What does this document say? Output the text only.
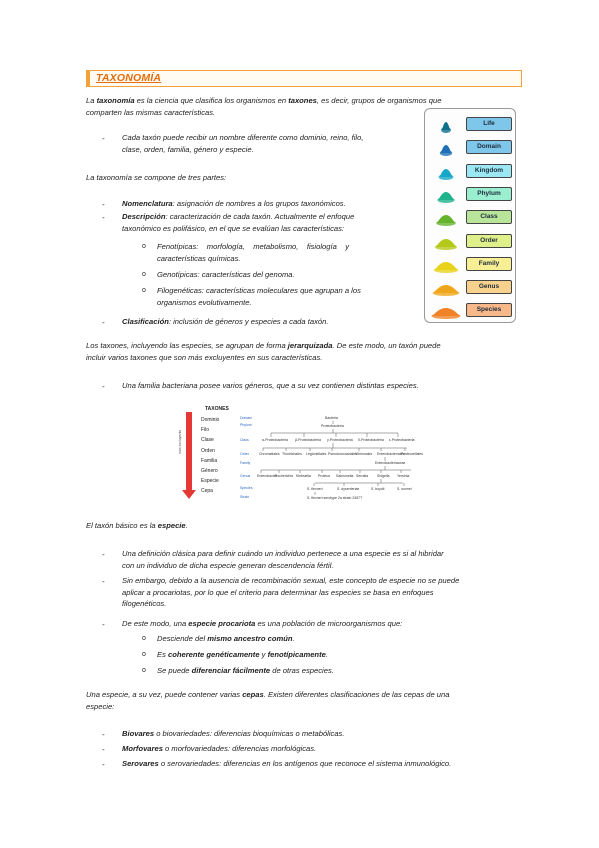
TAXONOMÍA
La taxonomía es la ciencia que clasifica los organismos en taxones, es decir, grupos de organismos que
comparten las mismas características.
- Cada taxón puede recibir un nombre diferente como dominio, reino, filo,
clase, orden, familia, género y especie.
La taxonomía se compone de tres partes:
- Nomenclatura: asignación de nombres a los grupos taxonómicos.
- Descripción: caracterización de cada taxón. Actualmente el enfoque
taxonómico es polifásico, en el que se evalúan las características:
o Fenotípicas:    morfología,    metabolismo,    fisiología    y
características químicas.
o Genotípicas: características del genoma.
o Filogenéticas: características moleculares que agrupan a los
organismos evolutivamente.
- Clasificación: inclusión de géneros y especies a cada taxón.
Life
Domain
Kingdom
Phylum
Class
Order
Family
Genus
Species
Los taxones, incluyendo las especies, se agrupan de forma jerarquizada. De este modo, un taxón puede
incluir varios taxones que son más excluyentes en sus características.
- Una familia bacteriana posee varios géneros, que a su vez contienen distintas especies.
TAXONES
más excluyente
Dominio
Filo
Clase
Orden
Familia
Género
Especie
Cepa
Domain
Phylum
Class
Order
Family
Genus
Species
Strain
Bacteria
Proteobacteria
α-Proteobacteria β-Proteobacteria γ-Proteobacteria δ-Proteobacteria ε-Proteobacteria
Chromatiales Thiotrichales Legionellales Pseudomonadales
Vibrionales Enterobacteriales
Pasteurellales
Enterobacteriaceae
Enterobacter
Escherichia Klebsiella Proteus Salmonella Serratia Shigella Yersinia
S. flexneri	S. dysenteriae	S. boydii	S. sonnei
S. flexneri serotype 2a strain 2457T
El taxón básico es la especie.
- Una definición clásica para definir cuándo un individuo pertenece a una especie es si al hibridar
con un individuo de dicha especie generan descendencia fértil.
- Sin embargo, debido a la ausencia de recombinación sexual, este concepto de especie no se puede
aplicar a procariotas, por lo que el criterio para determinar las especies se basa en enfoques
filogenéticos.
- De este modo, una especie procariota es una población de microorganismos que:
o Desciende del mismo ancestro común.
o Es coherente genéticamente y fenotípicamente.
o Se puede diferenciar fácilmente de otras especies.
Una especie, a su vez, puede contener varias cepas. Existen diferentes clasificaciones de las cepas de una
especie:
- Biovares o biovariedades: diferencias bioquímicas o metabólicas.
- Morfovares o morfovariedades: diferencias morfológicas.
- Serovares o serovariedades: diferencias en los antígenos que reconoce el sistema inmunológico.
